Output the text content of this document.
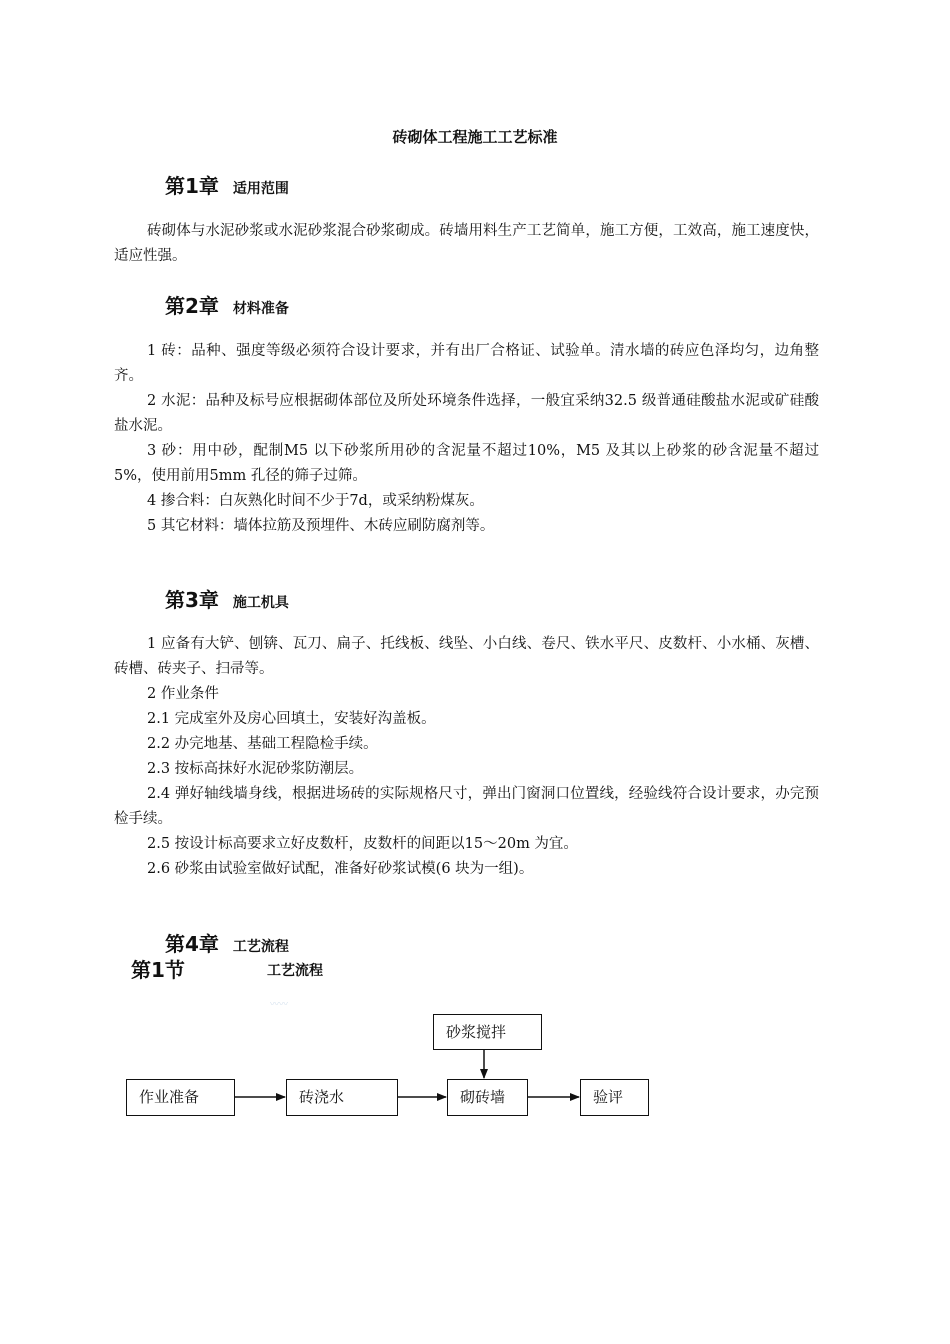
砖砌体工程施工工艺标准
第1章 适用范围

砖砌体与水泥砂浆或水泥砂浆混合砂浆砌成。砖墙用料生产工艺简单，施工方便，工效高，施工速度快，适应性强。

第2章 材料准备

1 砖：品种、强度等级必须符合设计要求，并有出厂合格证、试验单。清水墙的砖应色泽均匀，边角整齐。

2 水泥：品种及标号应根据砌体部位及所处环境条件选择，一般宜采纳32.5 级普通硅酸盐水泥或矿硅酸盐水泥。

3 砂：用中砂，配制M5 以下砂浆所用砂的含泥量不超过10%，M5 及其以上砂浆的砂含泥量不超过5%，使用前用5mm 孔径的筛子过筛。

4 掺合料：白灰熟化时间不少于7d，或采纳粉煤灰。

5 其它材料：墙体拉筋及预埋件、木砖应刷防腐剂等。

第3章 施工机具

1 应备有大铲、刨锛、瓦刀、扁子、托线板、线坠、小白线、卷尺、铁水平尺、皮数杆、小水桶、灰槽、砖槽、砖夹子、扫帚等。

2 作业条件

2.1 完成室外及房心回填土，安装好沟盖板。

2.2 办完地基、基础工程隐检手续。

2.3 按标高抹好水泥砂浆防潮层。

2.4 弹好轴线墙身线，根据进场砖的实际规格尺寸，弹出门窗洞口位置线，经验线符合设计要求，办完预检手续。

2.5 按设计标高要求立好皮数杆，皮数杆的间距以15～20m 为宜。

2.6 砂浆由试验室做好试配，准备好砂浆试模(6 块为一组)。

第4章 工艺流程
第1节	工艺流程
〰〰
作业准备	砖浇水
砂浆搅拌
砌砖墙	验评
